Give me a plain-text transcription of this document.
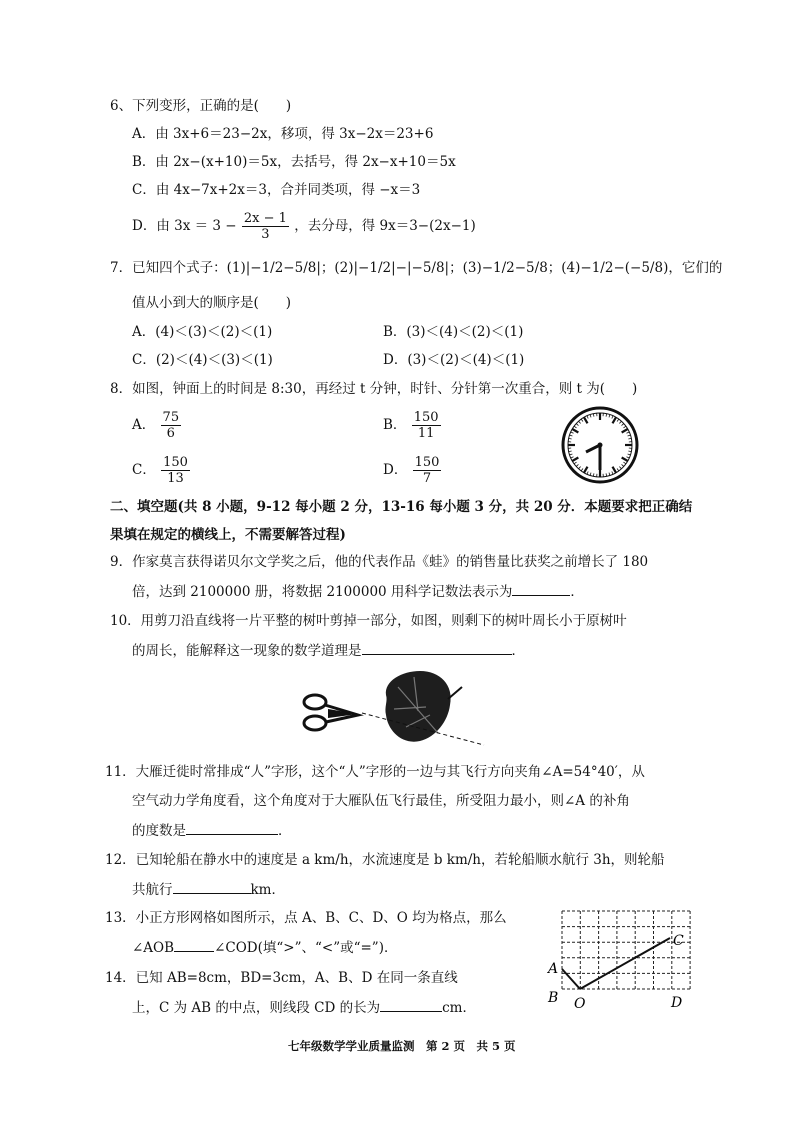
6、下列变形，正确的是(　　)
A．由 3x+6＝23−2x，移项，得 3x−2x＝23+6
B．由 2x−(x+10)＝5x，去括号，得 2x−x+10＝5x
C．由 4x−7x+2x＝3，合并同类项，得 −x＝3
D．由 $3x = 3 - \frac{2x - 1}{3}$ ，去分母，得 9x＝3−(2x−1)
7．已知四个式子：(1)|−1/2−5/8|；(2)|−1/2|−|−5/8|；(3)−1/2−5/8；(4)−1/2−(−5/8)，它们的
值从小到大的顺序是(　　)
A．(4)＜(3)＜(2)＜(1)	B．(3)＜(4)＜(2)＜(1)
C．(2)＜(4)＜(3)＜(1)	D．(3)＜(2)＜(4)＜(1)
8．如图，钟面上的时间是 8:30，再经过 t 分钟，时针、分针第一次重合，则 t 为(　　)
A． $\frac{75}{6}$	B． $\frac{150}{11}$
C． $\frac{150}{13}$	D． $\frac{150}{7}$
二、填空题(共 8 小题，9-12 每小题 2 分，13-16 每小题 3 分，共 20 分．本题要求把正确结
果填在规定的横线上，不需要解答过程)
9．作家莫言获得诺贝尔文学奖之后，他的代表作品《蛙》的销售量比获奖之前增长了 180
倍，达到 2100000 册，将数据 2100000 用科学记数法表示为	．
10．用剪刀沿直线将一片平整的树叶剪掉一部分，如图，则剩下的树叶周长小于原树叶
的周长，能解释这一现象的数学道理是	．
11．大雁迁徙时常排成“人”字形，这个“人”字形的一边与其飞行方向夹角∠A=54°40′，从
空气动力学角度看，这个角度对于大雁队伍飞行最佳，所受阻力最小，则∠A 的补角
的度数是	．
12．已知轮船在静水中的速度是 a km/h，水流速度是 b km/h，若轮船顺水航行 3h，则轮船
共航行	km．
13．小正方形网格如图所示，点 A、B、C、D、O 均为格点，那么
∠AOB	∠COD(填“>”、“<”或“=”)．
A
B
C
D
O
14．已知 AB=8cm，BD=3cm，A、B、D 在同一条直线
上，C 为 AB 的中点，则线段 CD 的长为	cm．
七年级数学学业质量监测　第 2 页　共 5 页
